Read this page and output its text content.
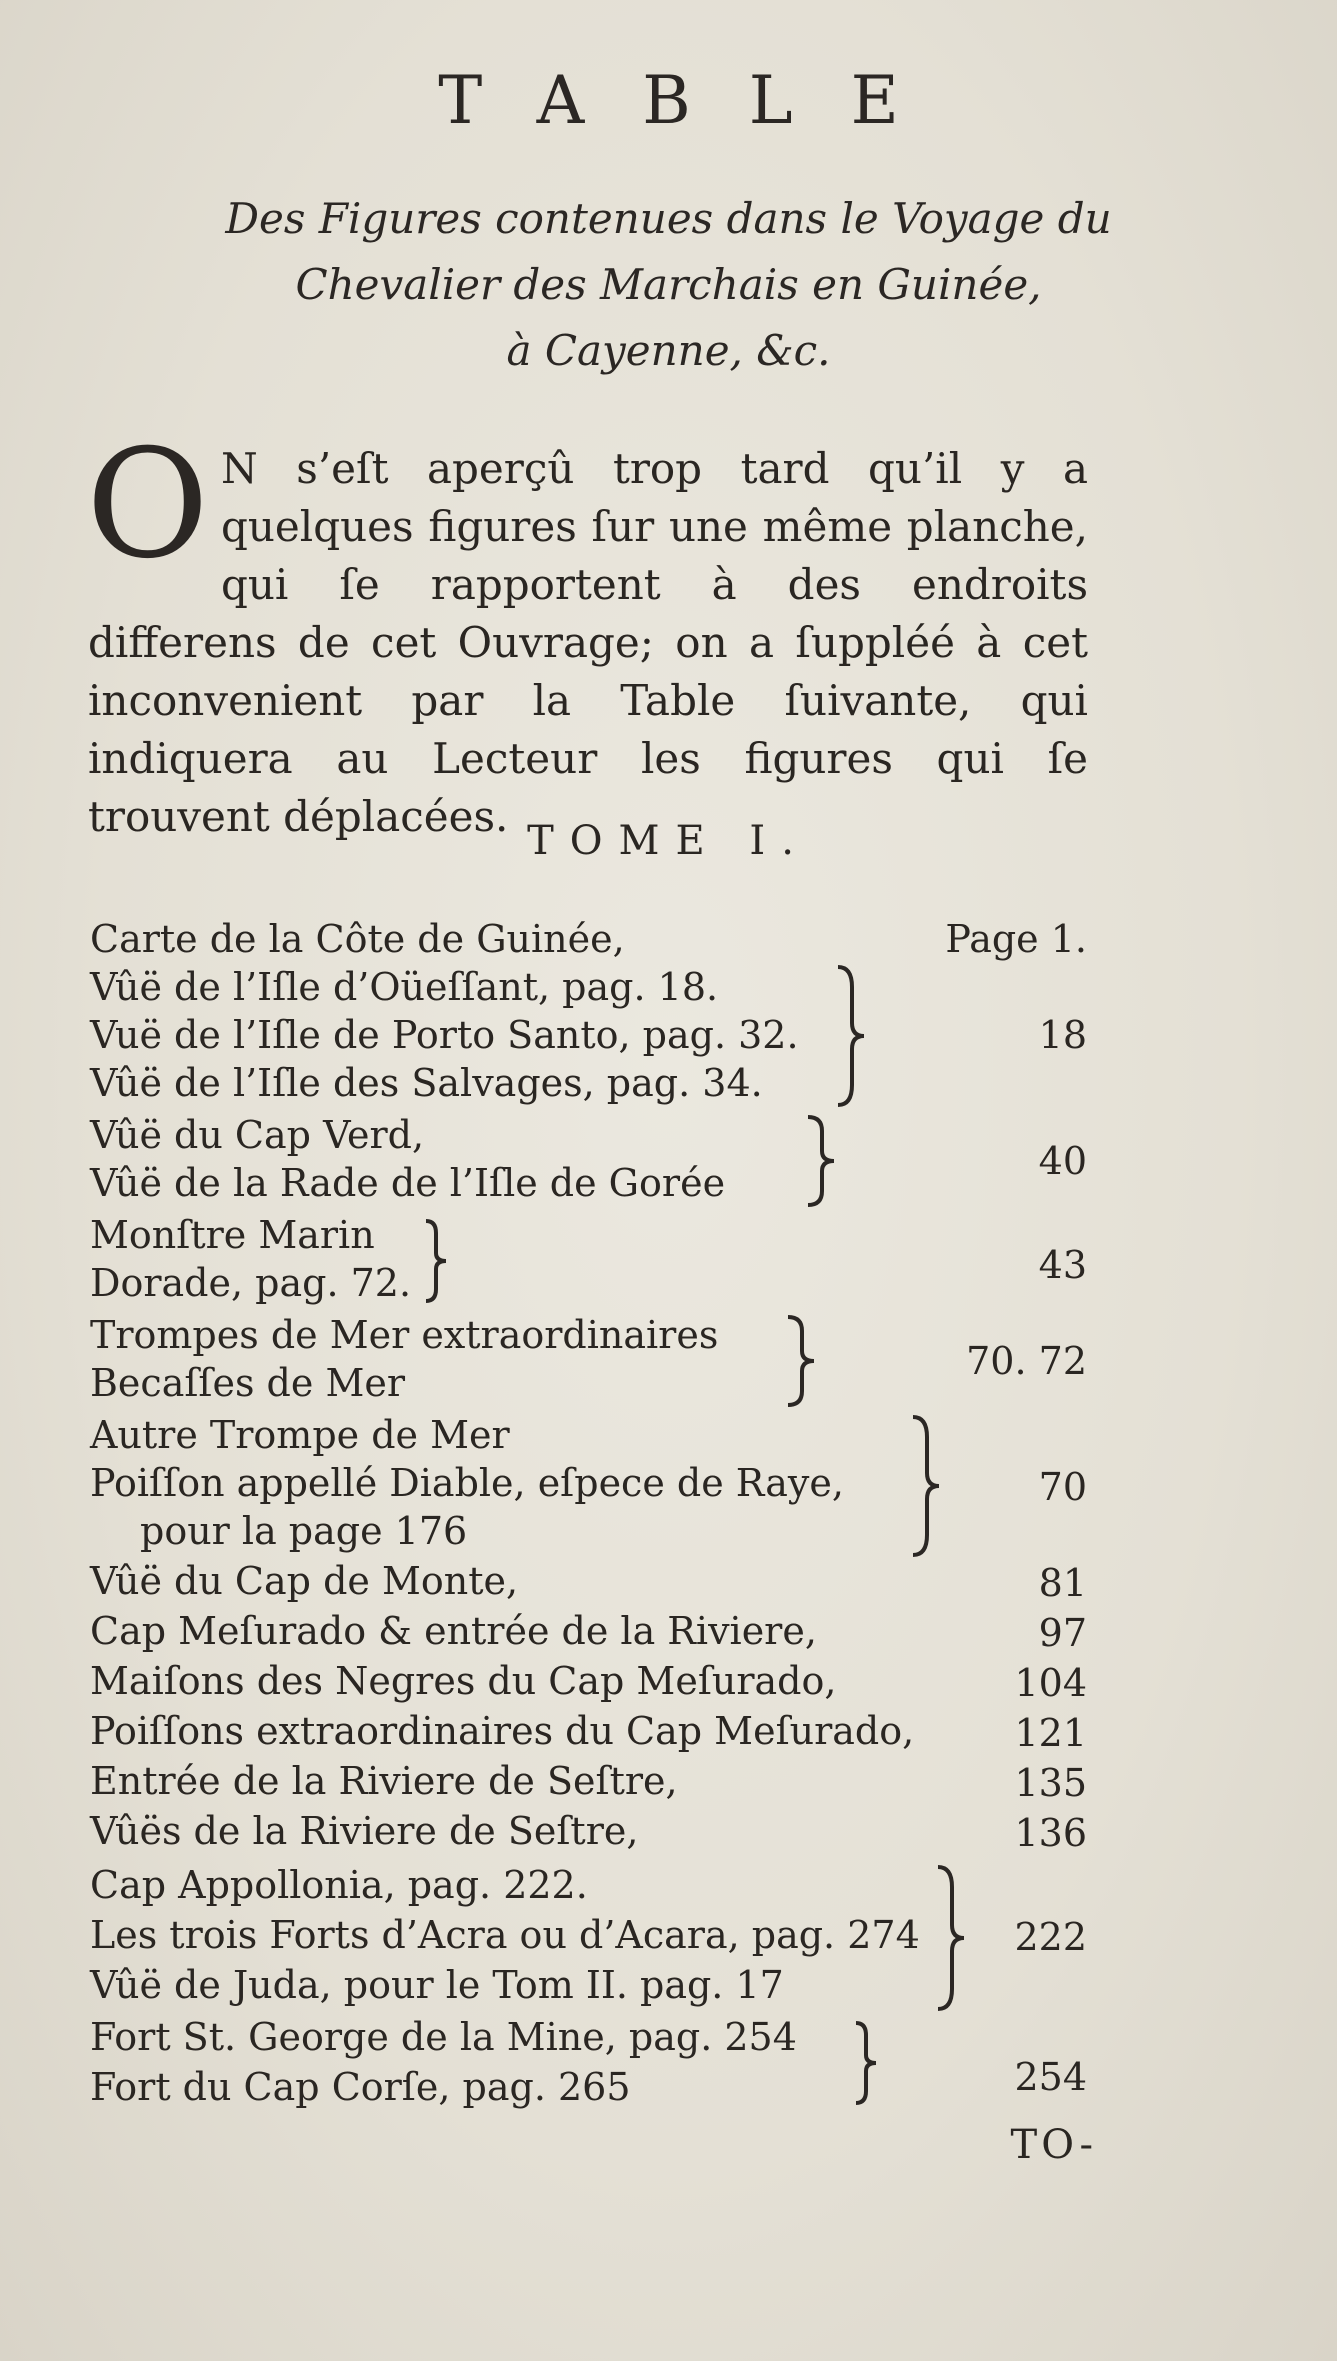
TABLE
Des Figures contenues dans le Voyage du
Chevalier des Marchais en Guinée,
à Cayenne, &c.
O N s’eſt aperçû trop tard qu’il y a quelques figures ſur une même planche, qui ſe rapportent à des endroits differens de cet Ouvrage; on a ſuppléé à cet inconvenient par la Table ſuivante, qui indiquera au Lecteur les figures qui ſe trouvent déplacées. TOME I.
Carte de la Côte de Guinée,
Vûë de l’Iſle d’Oüeſſant, pag. 18.
Vuë de l’Iſle de Porto Santo, pag. 32.
Vûë de l’Iſle des Salvages, pag. 34.
Vûë du Cap Verd,
Vûë de la Rade de l’Iſle de Gorée
Monſtre Marin
Dorade, pag. 72.
Trompes de Mer extraordinaires
Becaſſes de Mer
Autre Trompe de Mer
Poiſſon appellé Diable, eſpece de Raye,
pour la page 176
Vûë du Cap de Monte,
Cap Meſurado & entrée de la Riviere,
Maiſons des Negres du Cap Meſurado,
Poiſſons extraordinaires du Cap Meſurado,
Entrée de la Riviere de Seſtre,
Vûës de la Riviere de Seſtre,
Cap Appollonia, pag. 222.
Les trois Forts d’Acra ou d’Acara, pag. 274
Vûë de Juda, pour le Tom II. pag. 17
Fort St. George de la Mine, pag. 254
Fort du Cap Corſe, pag. 265
Page 1.
18
40
43
70. 72
70
81
97
104
121
135
136
222
254
TO-
